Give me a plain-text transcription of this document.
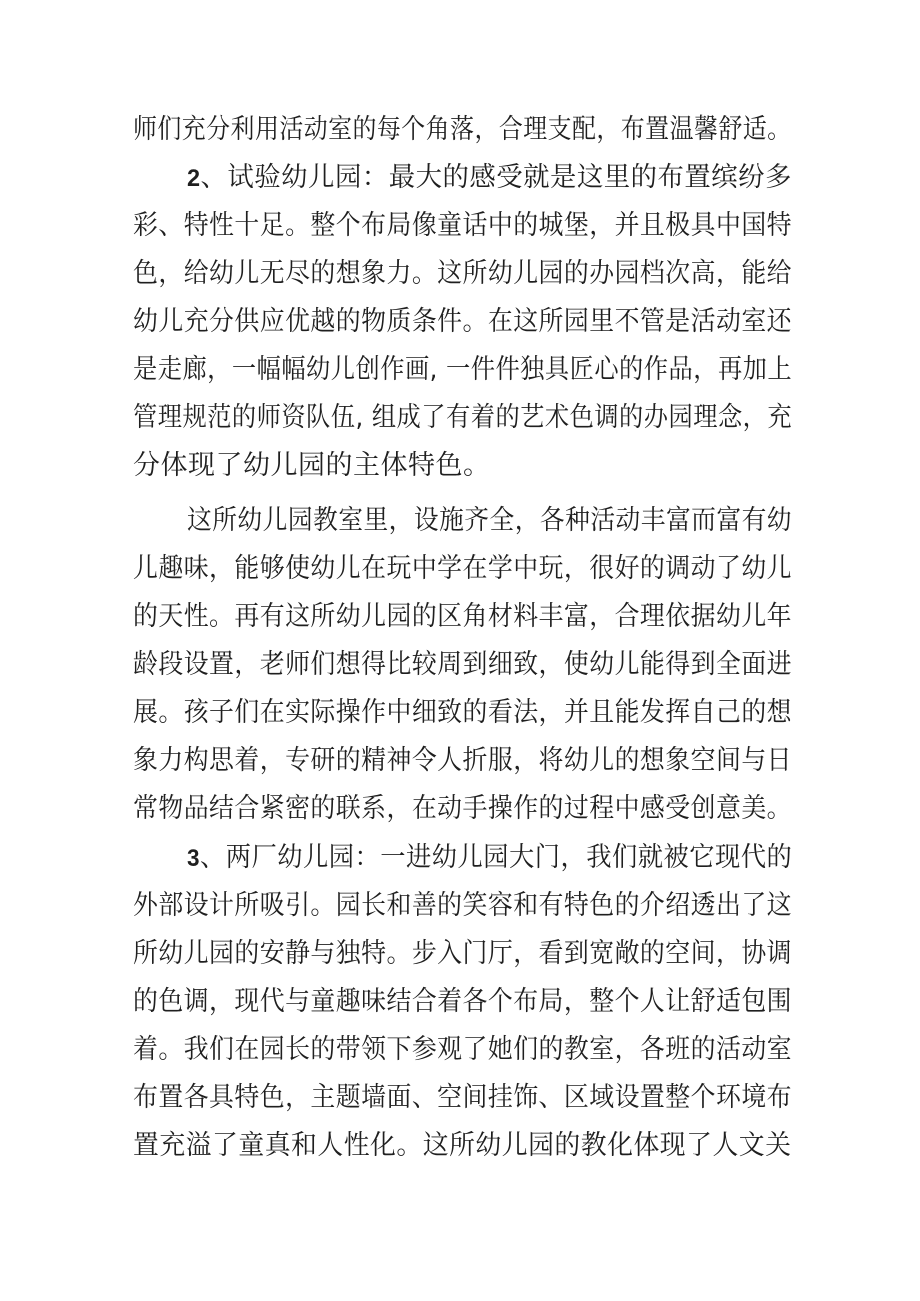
师们充分利用活动室的每个角落，合理支配，布置温馨舒适。
2、试验幼儿园：最大的感受就是这里的布置缤纷多
彩、特性十足。整个布局像童话中的城堡，并且极具中国特
色，给幼儿无尽的想象力。这所幼儿园的办园档次高，能给
幼儿充分供应优越的物质条件。在这所园里不管是活动室还
是走廊，一幅幅幼儿创作画, 一件件独具匠心的作品，再加上
管理规范的师资队伍, 组成了有着的艺术色调的办园理念，充
分体现了幼儿园的主体特色。
这所幼儿园教室里，设施齐全，各种活动丰富而富有幼
儿趣味，能够使幼儿在玩中学在学中玩，很好的调动了幼儿
的天性。再有这所幼儿园的区角材料丰富，合理依据幼儿年
龄段设置，老师们想得比较周到细致，使幼儿能得到全面进
展。孩子们在实际操作中细致的看法，并且能发挥自己的想
象力构思着，专研的精神令人折服，将幼儿的想象空间与日
常物品结合紧密的联系，在动手操作的过程中感受创意美。
3、两厂幼儿园：一进幼儿园大门，我们就被它现代的
外部设计所吸引。园长和善的笑容和有特色的介绍透出了这
所幼儿园的安静与独特。步入门厅，看到宽敞的空间，协调
的色调，现代与童趣味结合着各个布局，整个人让舒适包围
着。我们在园长的带领下参观了她们的教室，各班的活动室
布置各具特色，主题墙面、空间挂饰、区域设置整个环境布
置充溢了童真和人性化。这所幼儿园的教化体现了人文关
